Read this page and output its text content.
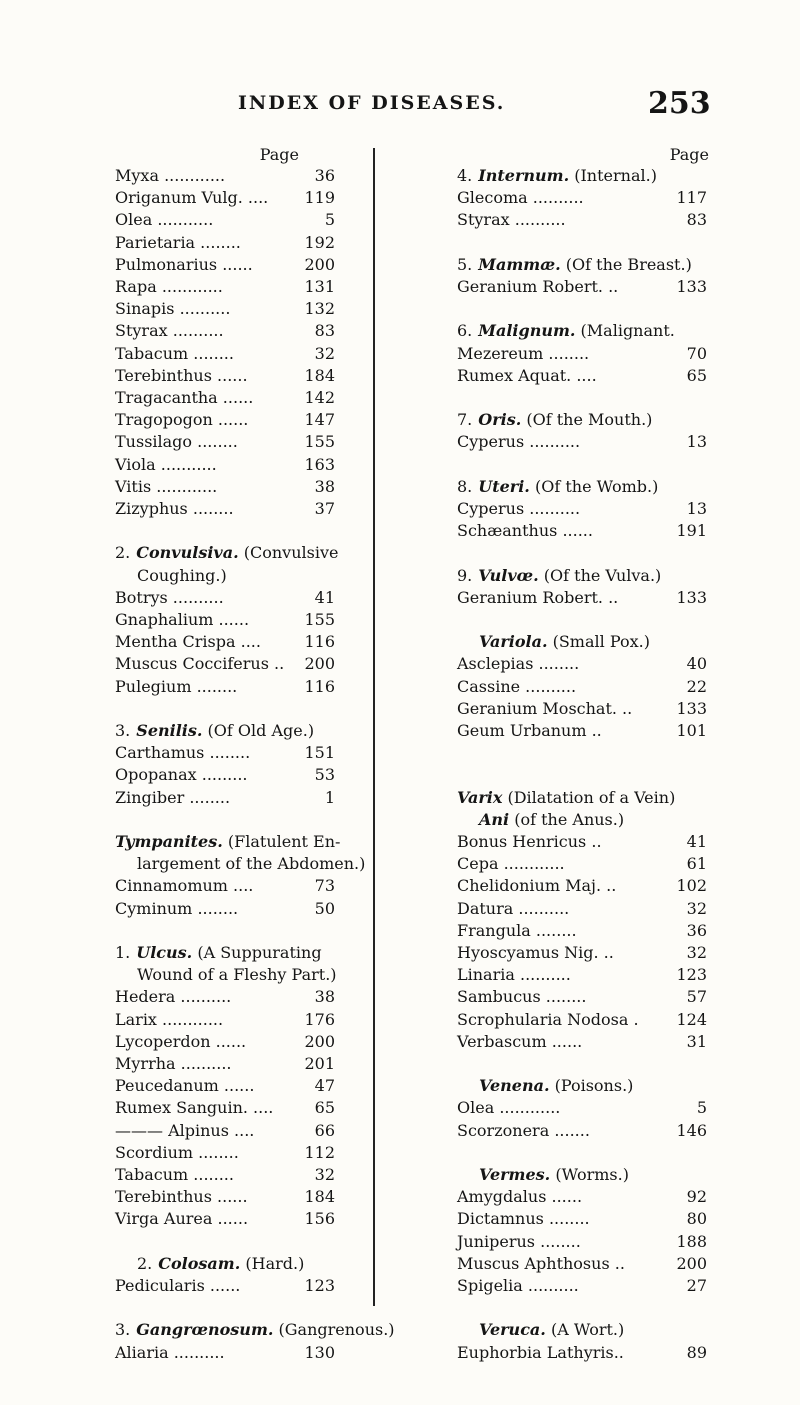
INDEX OF DISEASES.	253
Page
Myxa ............	36
Origanum Vulg. .... 119
Olea ...........	5
Parietaria ........	192
Pulmonarius ......	200
Rapa ............	131
Sinapis ..........	132
Styrax ..........	83
Tabacum ........	32
Terebinthus ......	184
Tragacantha ......	142
Tragopogon ......	147
Tussilago ........	155
Viola ...........	163
Vitis ............	38
Zizyphus ........	37
2. Convulsiva. (Convulsive
Coughing.)
Botrys ..........	41
Gnaphalium ......	155
Mentha Crispa ....	116
Muscus Cocciferus .. 200
Pulegium ........	116
3. Senilis. (Of Old Age.)
Carthamus ........	151
Opopanax .........	53
Zingiber ........	1
Tympanites. (Flatulent En-
largement of the Abdomen.)
Cinnamomum ....	73
Cyminum ........	50
1. Ulcus. (A Suppurating
Wound of a Fleshy Part.)
Hedera ..........	38
Larix ............	176
Lycoperdon ......	200
Myrrha ..........	201
Peucedanum ......	47
Rumex Sanguin. ....	65
——— Alpinus ....	66
Scordium ........	112
Tabacum ........	32
Terebinthus ......	184
Virga Aurea ......	156
2. Colosam. (Hard.)
Pedicularis ......	123
3. Gangrœnosum. (Gangrenous.)
Aliaria ..........	130
Page
4. Internum. (Internal.)
Glecoma ..........	117
Styrax ..........	83
5. Mammæ. (Of the Breast.)
Geranium Robert. ..	133
6. Malignum. (Malignant.
Mezereum ........	70
Rumex Aquat. ....	65
7. Oris. (Of the Mouth.)
Cyperus ..........	13
8. Uteri. (Of the Womb.)
Cyperus ..........	13
Schæanthus ......	191
9. Vulvœ. (Of the Vulva.)
Geranium Robert. ..	133
Variola. (Small Pox.)
Asclepias ........	40
Cassine ..........	22
Geranium Moschat. ..	133
Geum Urbanum ..	101
Varix (Dilatation of a Vein)
Ani (of the Anus.)
Bonus Henricus ..	41
Cepa ............	61
Chelidonium Maj. ..	102
Datura ..........	32
Frangula ........	36
Hyoscyamus Nig. ..	32
Linaria ..........	123
Sambucus ........	57
Scrophularia Nodosa . 124
Verbascum ......	31
Venena. (Poisons.)
Olea ............	5
Scorzonera .......	146
Vermes. (Worms.)
Amygdalus ......	92
Dictamnus ........	80
Juniperus ........	188
Muscus Aphthosus ..	200
Spigelia ..........	27
Veruca. (A Wort.)
Euphorbia Lathyris..	89
